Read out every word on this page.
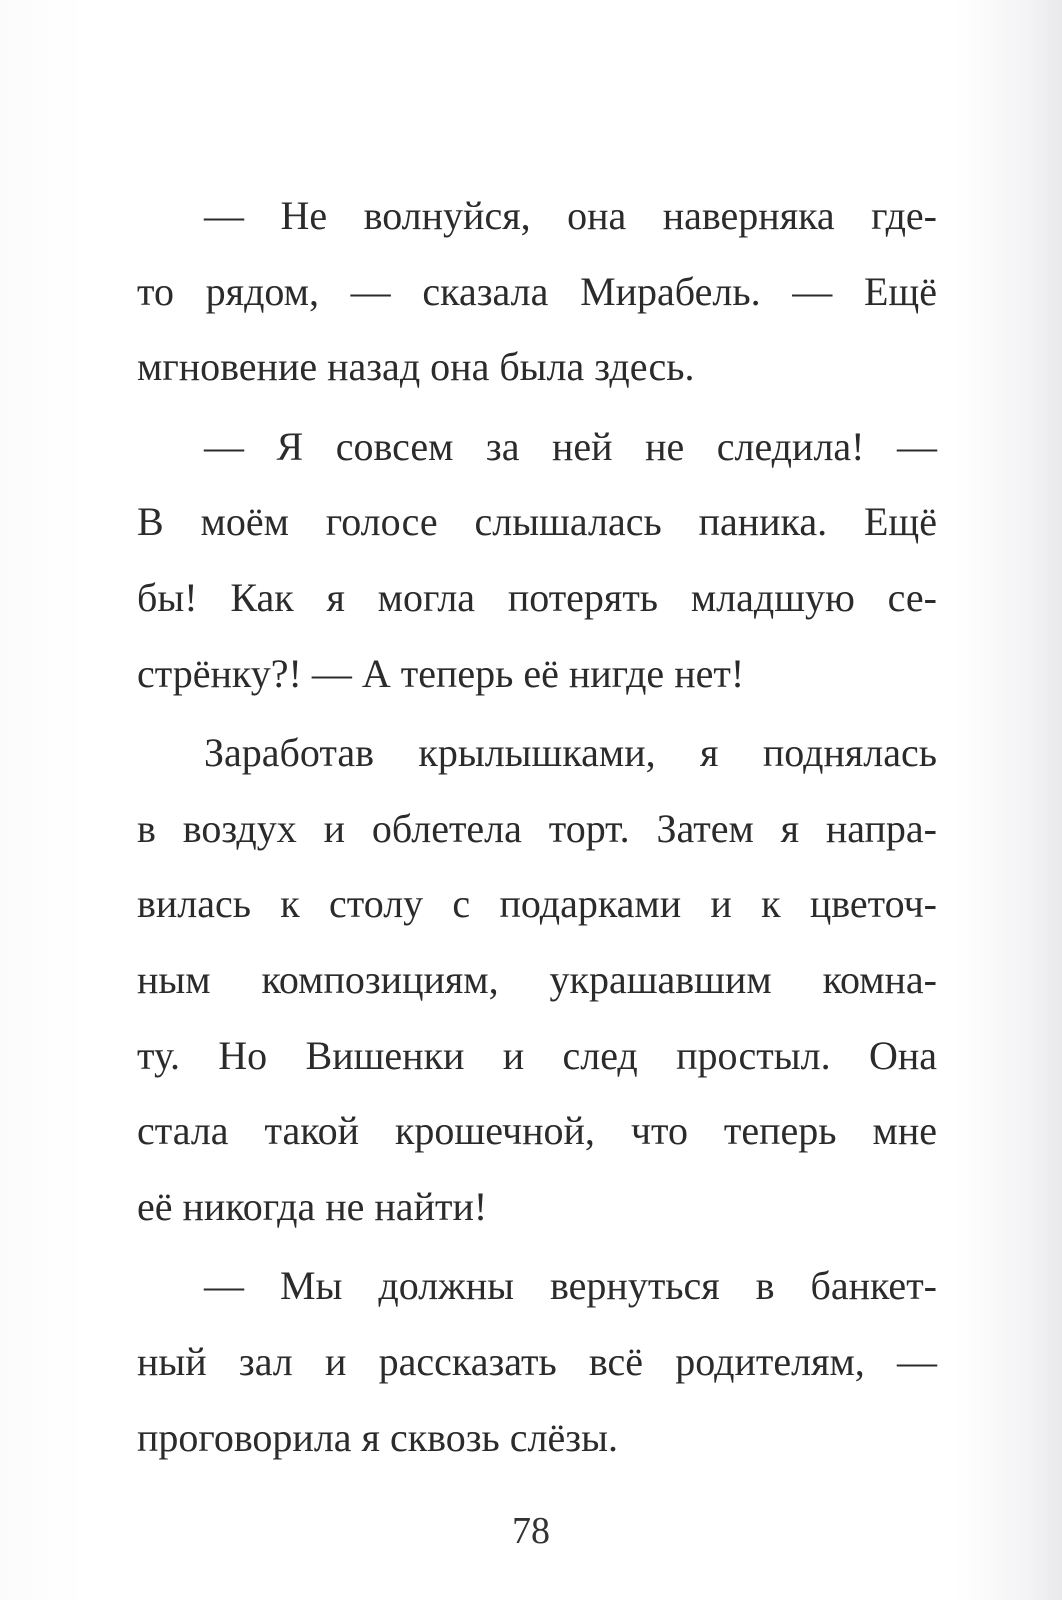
— Не волнуйся, она наверняка где-
то рядом, — сказала Мирабель. — Ещё
мгновение назад она была здесь.
— Я совсем за ней не следила! —
В моём голосе слышалась паника. Ещё
бы! Как я могла потерять младшую се-
стрёнку?! — А теперь её нигде нет!
Заработав крылышками, я поднялась
в воздух и облетела торт. Затем я напра-
вилась к столу с подарками и к цветоч-
ным композициям, украшавшим комна-
ту. Но Вишенки и след простыл. Она
стала такой крошечной, что теперь мне
её никогда не найти!
— Мы должны вернуться в банкет-
ный зал и рассказать всё родителям, —
проговорила я сквозь слёзы.
78
